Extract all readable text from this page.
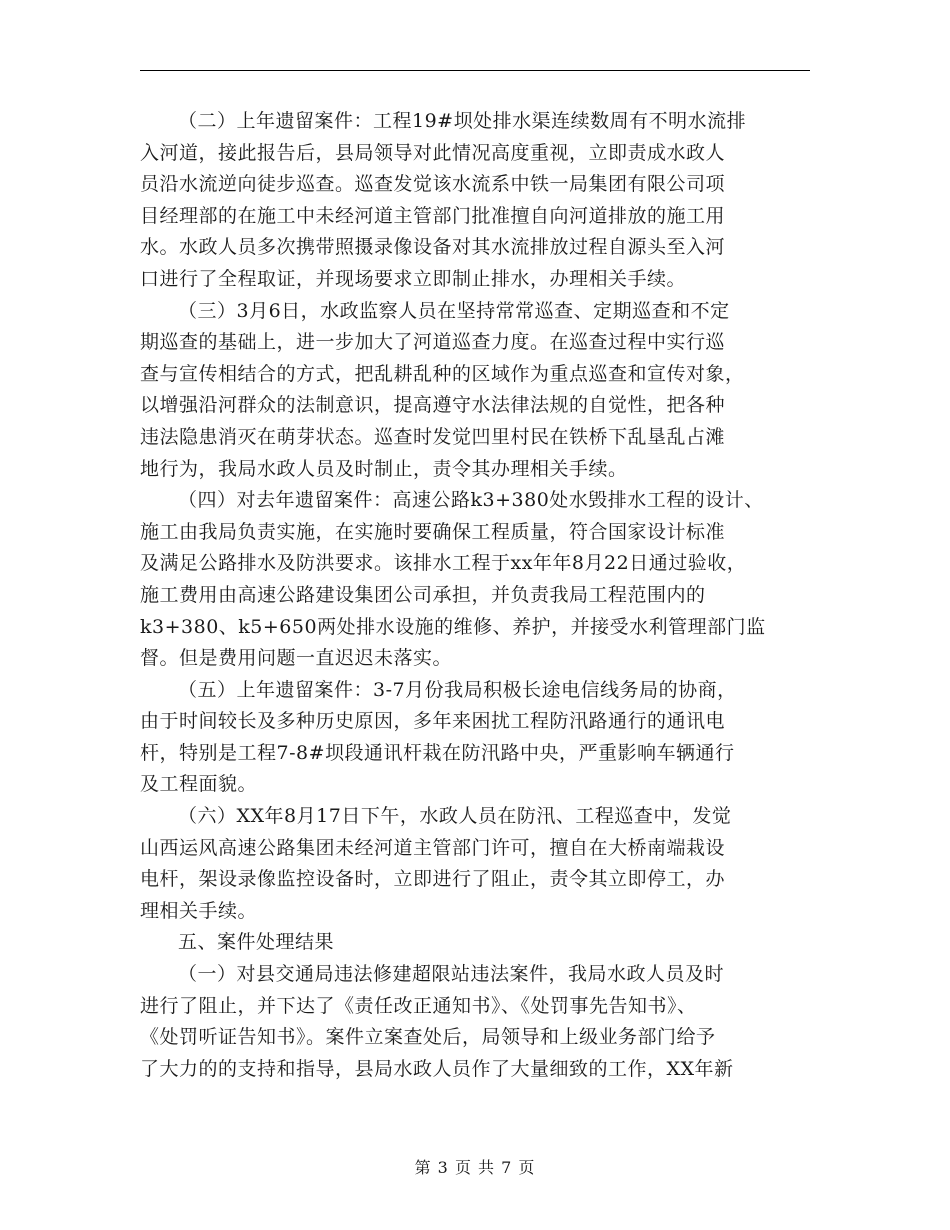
（二）上年遗留案件：工程19#坝处排水渠连续数周有不明水流排
入河道，接此报告后，县局领导对此情况高度重视，立即责成水政人
员沿水流逆向徒步巡查。巡查发觉该水流系中铁一局集团有限公司项
目经理部的在施工中未经河道主管部门批准擅自向河道排放的施工用
水。水政人员多次携带照摄录像设备对其水流排放过程自源头至入河
口进行了全程取证，并现场要求立即制止排水，办理相关手续。

（三）3月6日，水政监察人员在坚持常常巡查、定期巡查和不定
期巡查的基础上，进一步加大了河道巡查力度。在巡查过程中实行巡
查与宣传相结合的方式，把乱耕乱种的区域作为重点巡查和宣传对象，
以增强沿河群众的法制意识，提高遵守水法律法规的自觉性，把各种
违法隐患消灭在萌芽状态。巡查时发觉凹里村民在铁桥下乱垦乱占滩
地行为，我局水政人员及时制止，责令其办理相关手续。

（四）对去年遗留案件：高速公路k3+380处水毁排水工程的设计、
施工由我局负责实施，在实施时要确保工程质量，符合国家设计标准
及满足公路排水及防洪要求。该排水工程于xx年年8月22日通过验收，
施工费用由高速公路建设集团公司承担，并负责我局工程范围内的
k3+380、k5+650两处排水设施的维修、养护，并接受水利管理部门监
督。但是费用问题一直迟迟未落实。

（五）上年遗留案件：3-7月份我局积极长途电信线务局的协商，
由于时间较长及多种历史原因，多年来困扰工程防汛路通行的通讯电
杆，特别是工程7-8#坝段通讯杆栽在防汛路中央，严重影响车辆通行
及工程面貌。

（六）XX年8月17日下午，水政人员在防汛、工程巡查中，发觉
山西运风高速公路集团未经河道主管部门许可，擅自在大桥南端栽设
电杆，架设录像监控设备时，立即进行了阻止，责令其立即停工，办
理相关手续。

五、案件处理结果

（一）对县交通局违法修建超限站违法案件，我局水政人员及时
进行了阻止，并下达了《责任改正通知书》、《处罚事先告知书》、
《处罚听证告知书》。案件立案查处后，局领导和上级业务部门给予
了大力的的支持和指导，县局水政人员作了大量细致的工作，XX年新

第 3 页 共 7 页
